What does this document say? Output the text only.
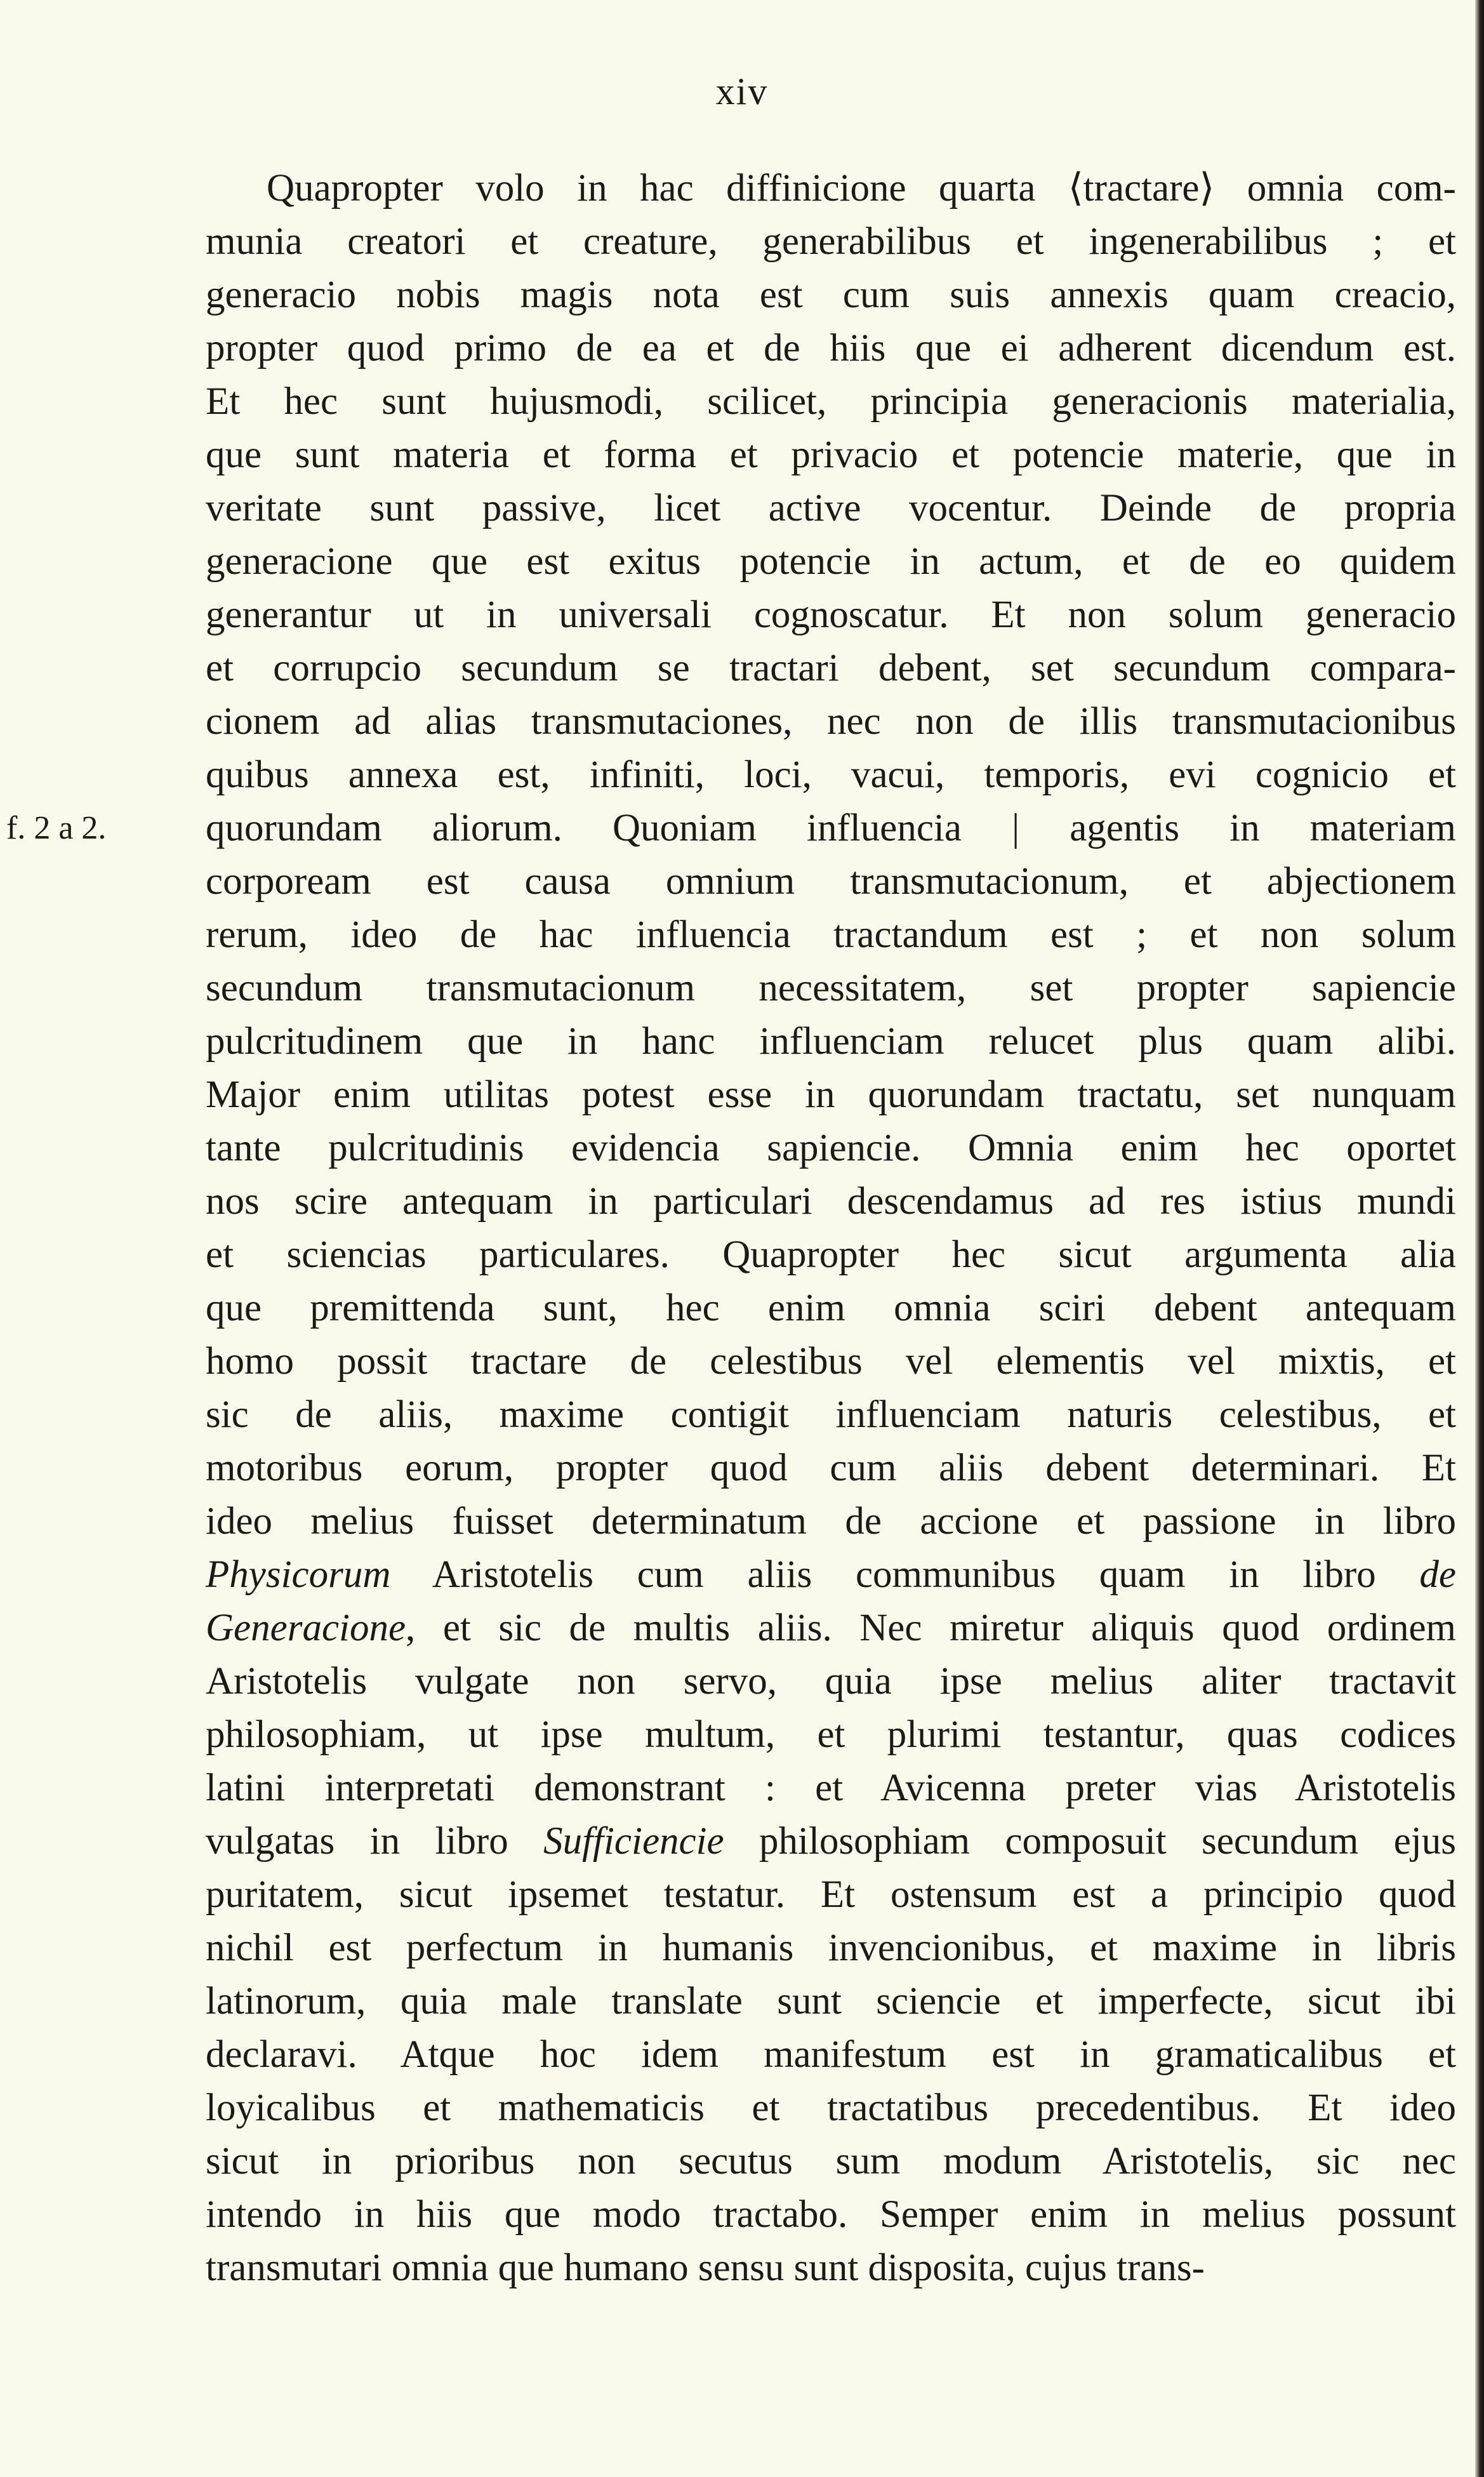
xiv
f. 2 a 2.
Quapropter volo in hac diffinicione quarta ⟨tractare⟩ omnia com-
munia creatori et creature, generabilibus et ingenerabilibus ; et
generacio nobis magis nota est cum suis annexis quam creacio,
propter quod primo de ea et de hiis que ei adherent dicendum est.
Et hec sunt hujusmodi, scilicet, principia generacionis materialia,
que sunt materia et forma et privacio et potencie materie, que in
veritate sunt passive, licet active vocentur. Deinde de propria
generacione que est exitus potencie in actum, et de eo quidem
generantur ut in universali cognoscatur. Et non solum generacio
et corrupcio secundum se tractari debent, set secundum compara-
cionem ad alias transmutaciones, nec non de illis transmutacionibus
quibus annexa est, infiniti, loci, vacui, temporis, evi cognicio et
quorundam aliorum. Quoniam influencia | agentis in materiam
corpoream est causa omnium transmutacionum, et abjectionem
rerum, ideo de hac influencia tractandum est ; et non solum
secundum transmutacionum necessitatem, set propter sapiencie
pulcritudinem que in hanc influenciam relucet plus quam alibi.
Major enim utilitas potest esse in quorundam tractatu, set nunquam
tante pulcritudinis evidencia sapiencie. Omnia enim hec oportet
nos scire antequam in particulari descendamus ad res istius mundi
et sciencias particulares. Quapropter hec sicut argumenta alia
que premittenda sunt, hec enim omnia sciri debent antequam
homo possit tractare de celestibus vel elementis vel mixtis, et
sic de aliis, maxime contigit influenciam naturis celestibus, et
motoribus eorum, propter quod cum aliis debent determinari. Et
ideo melius fuisset determinatum de accione et passione in libro
Physicorum Aristotelis cum aliis communibus quam in libro de
Generacione, et sic de multis aliis. Nec miretur aliquis quod ordinem
Aristotelis vulgate non servo, quia ipse melius aliter tractavit
philosophiam, ut ipse multum, et plurimi testantur, quas codices
latini interpretati demonstrant : et Avicenna preter vias Aristotelis
vulgatas in libro Sufficiencie philosophiam composuit secundum ejus
puritatem, sicut ipsemet testatur. Et ostensum est a principio quod
nichil est perfectum in humanis invencionibus, et maxime in libris
latinorum, quia male translate sunt sciencie et imperfecte, sicut ibi
declaravi. Atque hoc idem manifestum est in gramaticalibus et
loyicalibus et mathematicis et tractatibus precedentibus. Et ideo
sicut in prioribus non secutus sum modum Aristotelis, sic nec
intendo in hiis que modo tractabo. Semper enim in melius possunt
transmutari omnia que humano sensu sunt disposita, cujus trans-
